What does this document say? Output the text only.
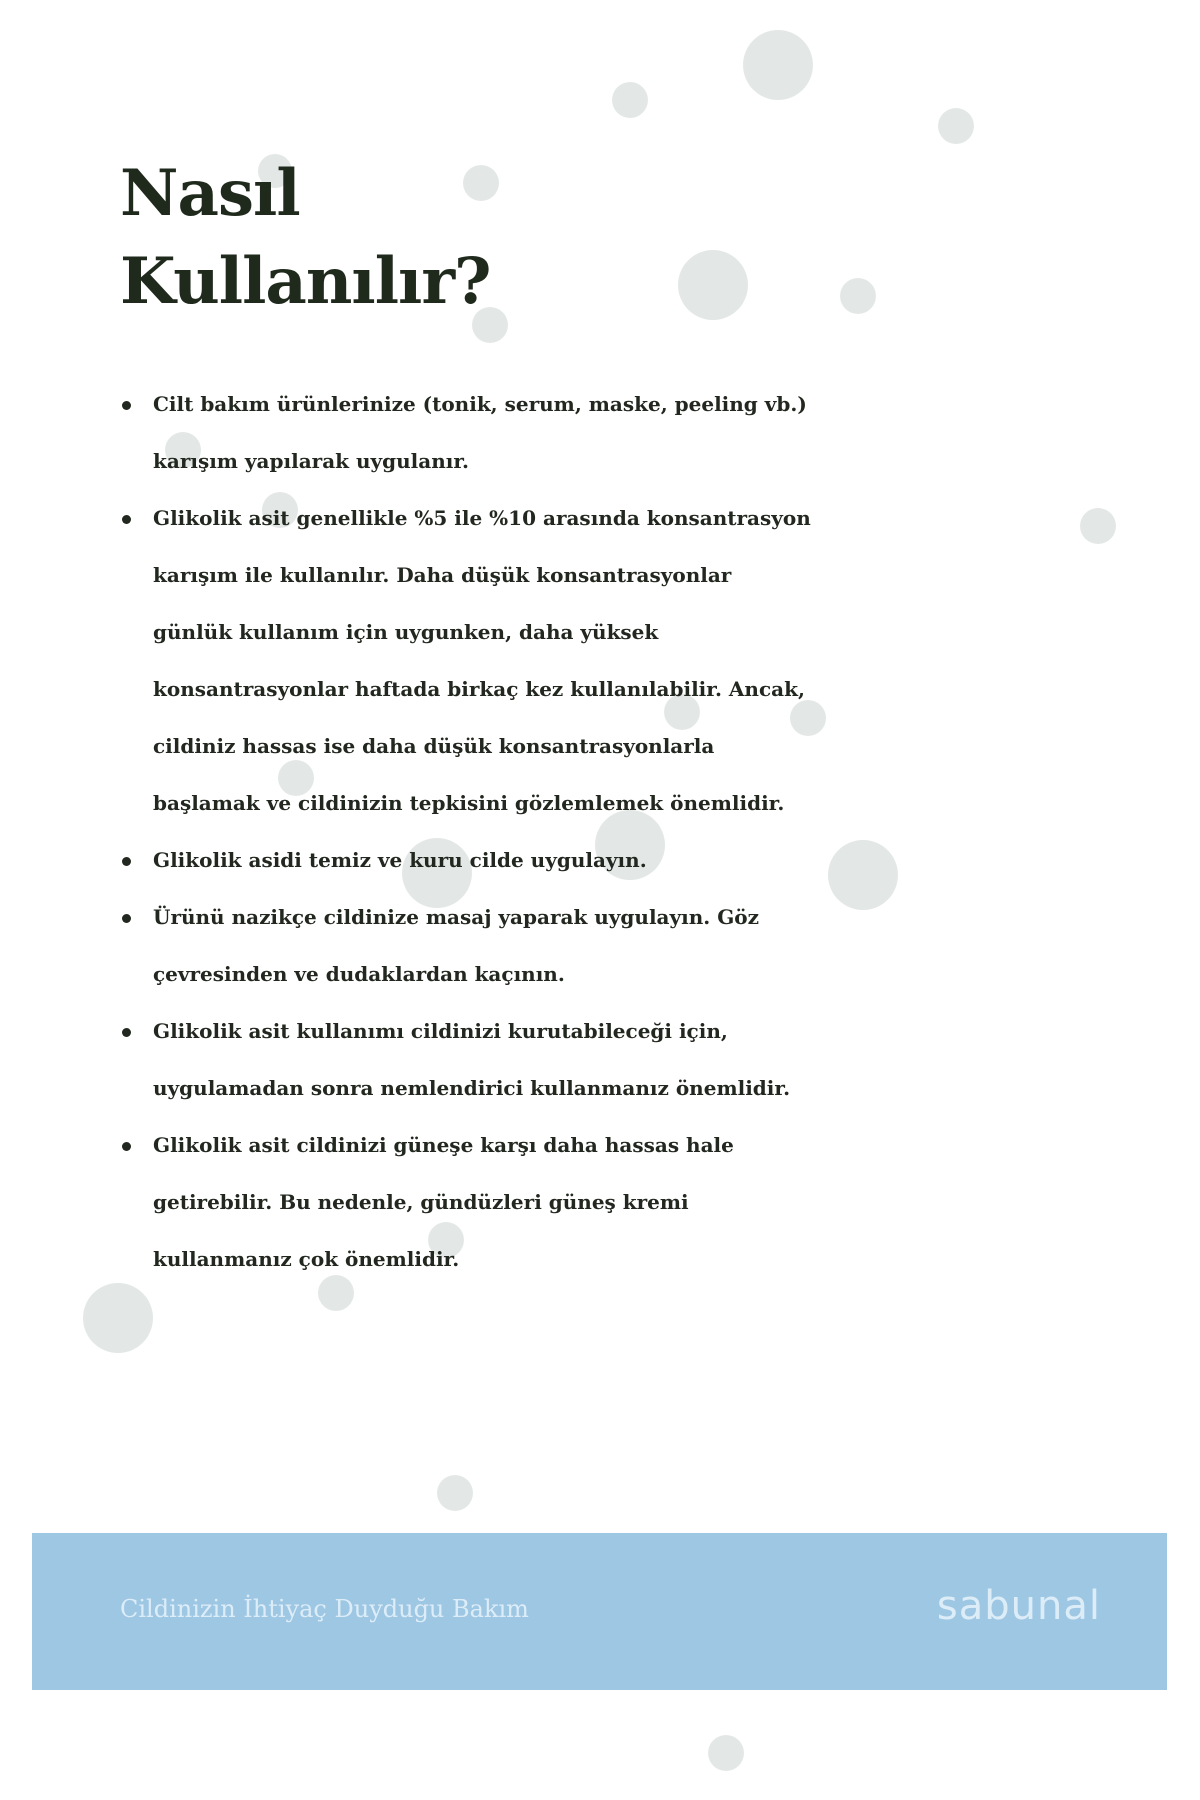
Nasıl
Kullanılır?
Cilt bakım ürünlerinize (tonik, serum, maske, peeling vb.)
karışım yapılarak uygulanır.
Glikolik asit genellikle %5 ile %10 arasında konsantrasyon
karışım ile kullanılır. Daha düşük konsantrasyonlar
günlük kullanım için uygunken, daha yüksek
konsantrasyonlar haftada birkaç kez kullanılabilir. Ancak,
cildiniz hassas ise daha düşük konsantrasyonlarla
başlamak ve cildinizin tepkisini gözlemlemek önemlidir.
Glikolik asidi temiz ve kuru cilde uygulayın.
Ürünü nazikçe cildinize masaj yaparak uygulayın. Göz
çevresinden ve dudaklardan kaçının.
Glikolik asit kullanımı cildinizi kurutabileceği için,
uygulamadan sonra nemlendirici kullanmanız önemlidir.
Glikolik asit cildinizi güneşe karşı daha hassas hale
getirebilir. Bu nedenle, gündüzleri güneş kremi
kullanmanız çok önemlidir.
Cildinizin İhtiyaç Duyduğu Bakım	sabunal
